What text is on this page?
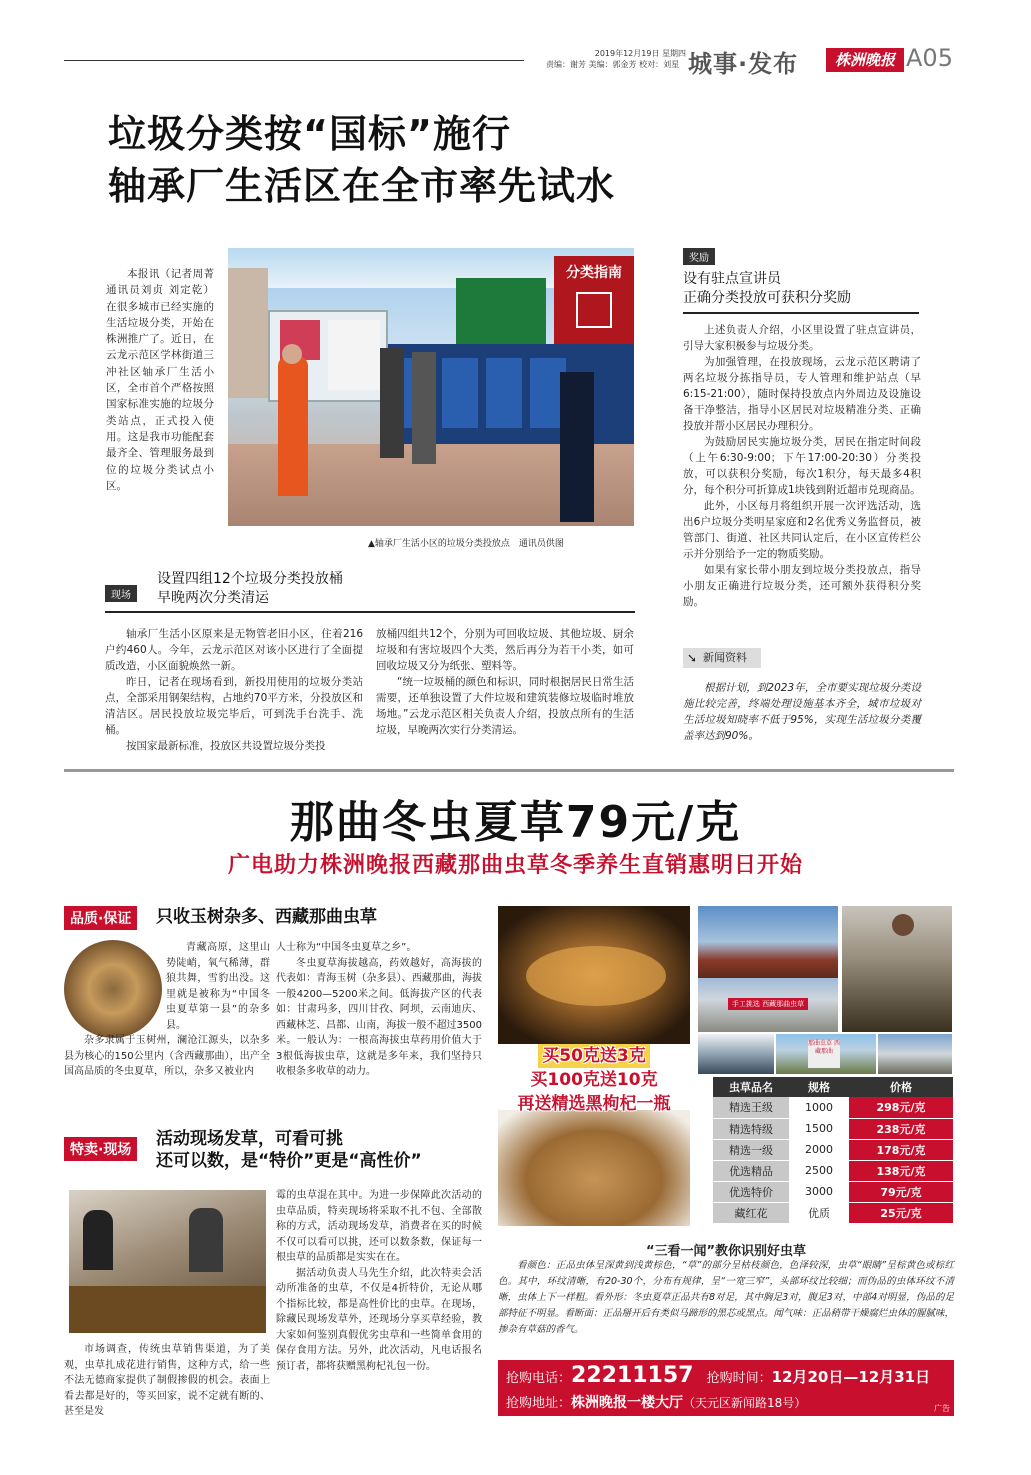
2019年12月19日 星期四
责编：谢芳 美编：郭金芳 校对：刘星 城事·发布	株洲晚报 A05
垃圾分类按“国标”施行
轴承厂生活区在全市率先试水

本报讯（记者周菁 通讯员刘贞 刘定乾）在很多城市已经实施的生活垃圾分类，开始在株洲推广了。近日，在云龙示范区学林街道三冲社区轴承厂生活小区，全市首个严格按照国家标准实施的垃圾分类站点，正式投入使用。这是我市功能配套最齐全、管理服务最到位的垃圾分类试点小区。

分类指南
▲轴承厂生活小区的垃圾分类投放点　通讯员供图
现场
设置四组12个垃圾分类投放桶
早晚两次分类清运

轴承厂生活小区原来是无物管老旧小区，住着216户约460人。今年，云龙示范区对该小区进行了全面提质改造，小区面貌焕然一新。

昨日，记者在现场看到，新投用使用的垃圾分类站点，全部采用钢架结构，占地约70平方米，分投放区和清洁区。居民投放垃圾完毕后，可到洗手台洗手、洗桶。

按国家最新标准，投放区共设置垃圾分类投

放桶四组共12个，分别为可回收垃圾、其他垃圾、厨余垃圾和有害垃圾四个大类，然后再分为若干小类，如可回收垃圾又分为纸张、塑料等。

“统一垃圾桶的颜色和标识，同时根据居民日常生活需要，还单独设置了大件垃圾和建筑装修垃圾临时堆放场地。”云龙示范区相关负责人介绍，投放点所有的生活垃圾，早晚两次实行分类清运。

奖励
设有驻点宣讲员
正确分类投放可获积分奖励

上述负责人介绍，小区里设置了驻点宣讲员，引导大家积极参与垃圾分类。

为加强管理，在投放现场，云龙示范区聘请了两名垃圾分拣指导员，专人管理和维护站点（早6:15-21:00），随时保持投放点内外周边及设施设备干净整洁，指导小区居民对垃圾精准分类、正确投放并帮小区居民办理积分。

为鼓励居民实施垃圾分类，居民在指定时间段（上午6:30-9:00；下午17:00-20:30）分类投放，可以获积分奖励，每次1积分，每天最多4积分，每个积分可折算成1块钱到附近超市兑现商品。

此外，小区每月将组织开展一次评选活动，选出6户垃圾分类明星家庭和2名优秀义务监督员，被管部门、街道、社区共同认定后，在小区宣传栏公示并分别给予一定的物质奖励。

如果有家长带小朋友到垃圾分类投放点，指导小朋友正确进行垃圾分类，还可额外获得积分奖励。

➘ 新闻资料

根据计划，到2023年，全市要实现垃圾分类设施比较完善，终端处理设施基本齐全，城市垃圾对生活垃圾知晓率不低于95%，实现生活垃圾分类覆盖率达到90%。

那曲冬虫夏草79元/克
广电助力株洲晚报西藏那曲虫草冬季养生直销惠明日开始
品质·保证	只收玉树杂多、西藏那曲虫草

青藏高原，这里山势陡峭，氧气稀薄，群狼共舞，雪豹出没。这里就是被称为“中国冬虫夏草第一县”的杂多县。

杂多隶属于玉树州，澜沧江源头，以杂多县为核心的150公里内（含西藏那曲），出产全国高品质的冬虫夏草，所以，杂多又被业内

人士称为“中国冬虫夏草之乡”。

冬虫夏草海拔越高，药效越好，高海拔的代表如：青海玉树（杂多县）、西藏那曲，海拔一般4200—5200米之间。低海拔产区的代表如：甘肃玛多，四川甘孜、阿坝，云南迪庆、西藏林芝、昌都、山南，海拔一般不超过3500米。一般认为：一根高海拔虫草药用价值大于3根低海拔虫草，这就是多年来，我们坚持只收根条多收草的动力。

特卖·现场
活动现场发草，可看可挑
还可以数，是“特价”更是“高性价”

市场调查，传统虫草销售渠道，为了美观，虫草扎成花进行销售，这种方式，给一些不法无德商家提供了制假掺假的机会。表面上看去都是好的，等买回家，说不定就有断的、甚至是发

霉的虫草混在其中。为进一步保障此次活动的虫草品质，特卖现场将采取不扎不包、全部散称的方式，活动现场发草，消费者在买的时候不仅可以看可以挑，还可以数条数，保证每一根虫草的品质都是实实在在。

据活动负责人马先生介绍，此次特卖会活动所准备的虫草，不仅是4折特价，无论从哪个指标比较，都是高性价比的虫草。在现场，除藏民现场发草外，还现场分享买草经验，教大家如何鉴别真假优劣虫草和一些简单食用的保存食用方法。另外，此次活动，凡电话报名预订者，都将获赠黑枸杞礼包一份。

买50克送3克
买100克送10克
再送精选黑枸杞一瓶
手工挑选 西藏那曲虫草
那曲虫草 西藏那曲
虫草品名	规格	价格
精选王级	1000	298元/克
精选特级	1500	238元/克
精选一级	2000	178元/克
优选精品	2500	138元/克
优选特价	3000	79元/克
藏红花	优质	25元/克
“三看一闻”教你识别好虫草

看颜色：正品虫体呈深黄到浅黄棕色，“草”的部分呈枯枝颜色，色泽较深，虫草“眼睛”呈棕黄色或棕红色。其中，环纹清晰，有20-30个，分布有规律，呈“一宽三窄”，头部环纹比较细；而伪品的虫体环纹不清晰，虫体上下一样粗。看外形：冬虫夏草正品共有8对足，其中胸足3对，腹足3对，中部4对明显，伪品的足部特征不明显。看断面：正品掰开后有类似马蹄形的黑芯或黑点。闻气味：正品稍带干燥腐烂虫体的腥腻味，掺杂有草菇的香气。

抢购电话：22211157 抢购时间：12月20日—12月31日
抢购地址：株洲晚报一楼大厅（天元区新闻路18号）	广告
